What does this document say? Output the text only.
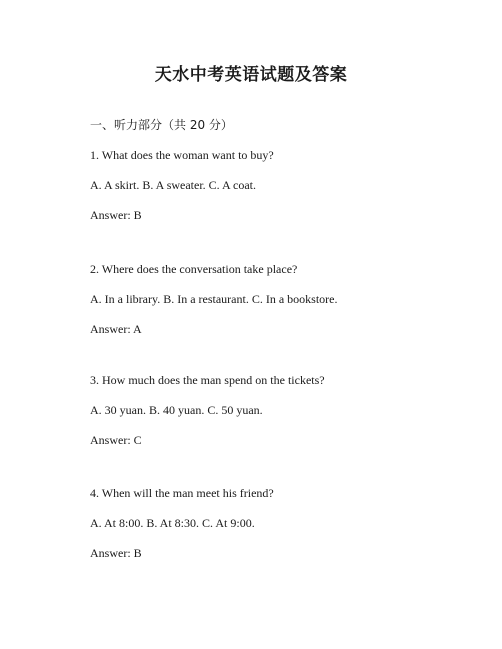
天水中考英语试题及答案
一、听力部分（共 20 分）
1. What does the woman want to buy?
A. A skirt. B. A sweater. C. A coat.
Answer: B
2. Where does the conversation take place?
A. In a library. B. In a restaurant. C. In a bookstore.
Answer: A
3. How much does the man spend on the tickets?
A. 30 yuan. B. 40 yuan. C. 50 yuan.
Answer: C
4. When will the man meet his friend?
A. At 8:00. B. At 8:30. C. At 9:00.
Answer: B
